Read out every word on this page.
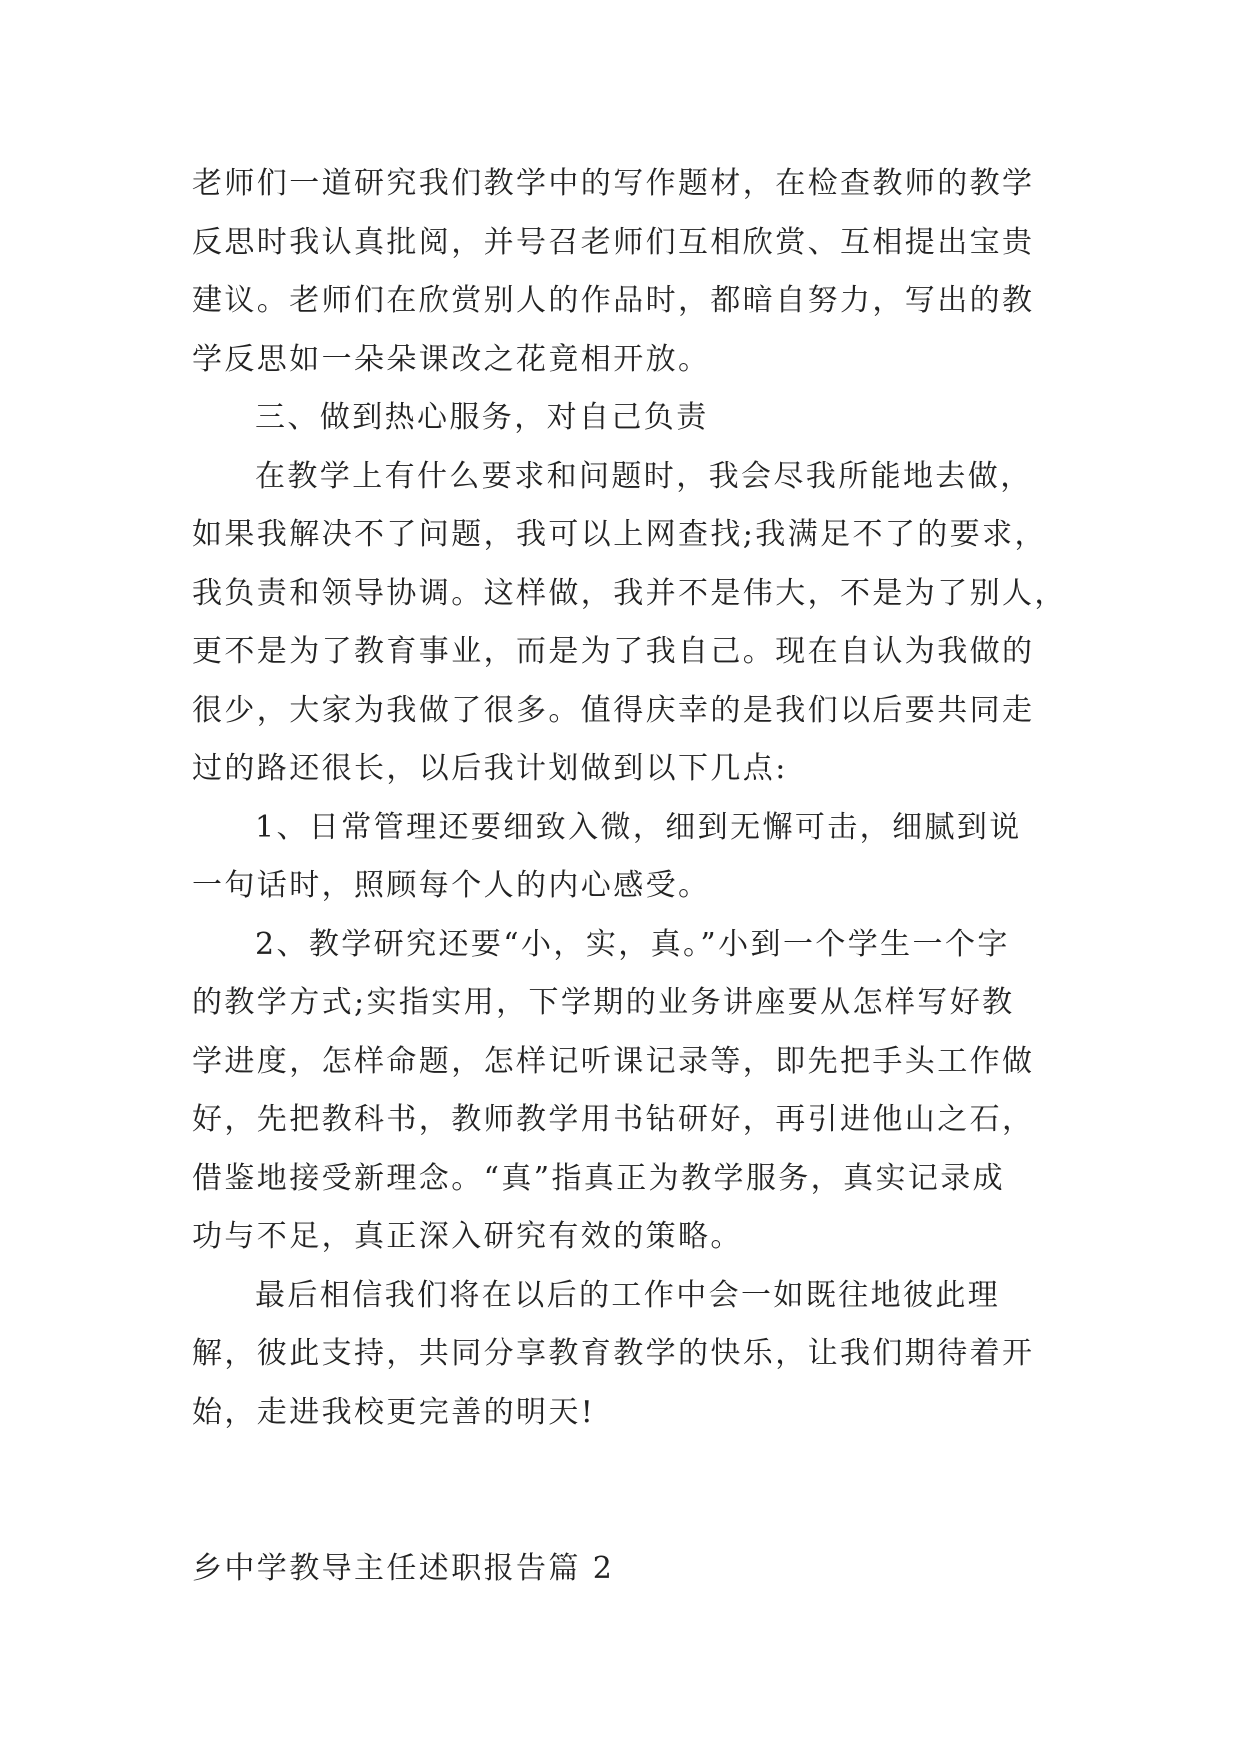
老师们一道研究我们教学中的写作题材，在检查教师的教学
反思时我认真批阅，并号召老师们互相欣赏、互相提出宝贵
建议。老师们在欣赏别人的作品时，都暗自努力，写出的教
学反思如一朵朵课改之花竟相开放。
三、做到热心服务，对自己负责
在教学上有什么要求和问题时，我会尽我所能地去做，
如果我解决不了问题，我可以上网查找;我满足不了的要求，
我负责和领导协调。这样做，我并不是伟大，不是为了别人，
更不是为了教育事业，而是为了我自己。现在自认为我做的
很少，大家为我做了很多。值得庆幸的是我们以后要共同走
过的路还很长，以后我计划做到以下几点:
1、日常管理还要细致入微，细到无懈可击，细腻到说
一句话时，照顾每个人的内心感受。
2、教学研究还要“小，实，真。”小到一个学生一个字
的教学方式;实指实用，下学期的业务讲座要从怎样写好教
学进度，怎样命题，怎样记听课记录等，即先把手头工作做
好，先把教科书，教师教学用书钻研好，再引进他山之石，
借鉴地接受新理念。“真”指真正为教学服务，真实记录成
功与不足，真正深入研究有效的策略。
最后相信我们将在以后的工作中会一如既往地彼此理
解，彼此支持，共同分享教育教学的快乐，让我们期待着开
始，走进我校更完善的明天!
乡中学教导主任述职报告篇 2
